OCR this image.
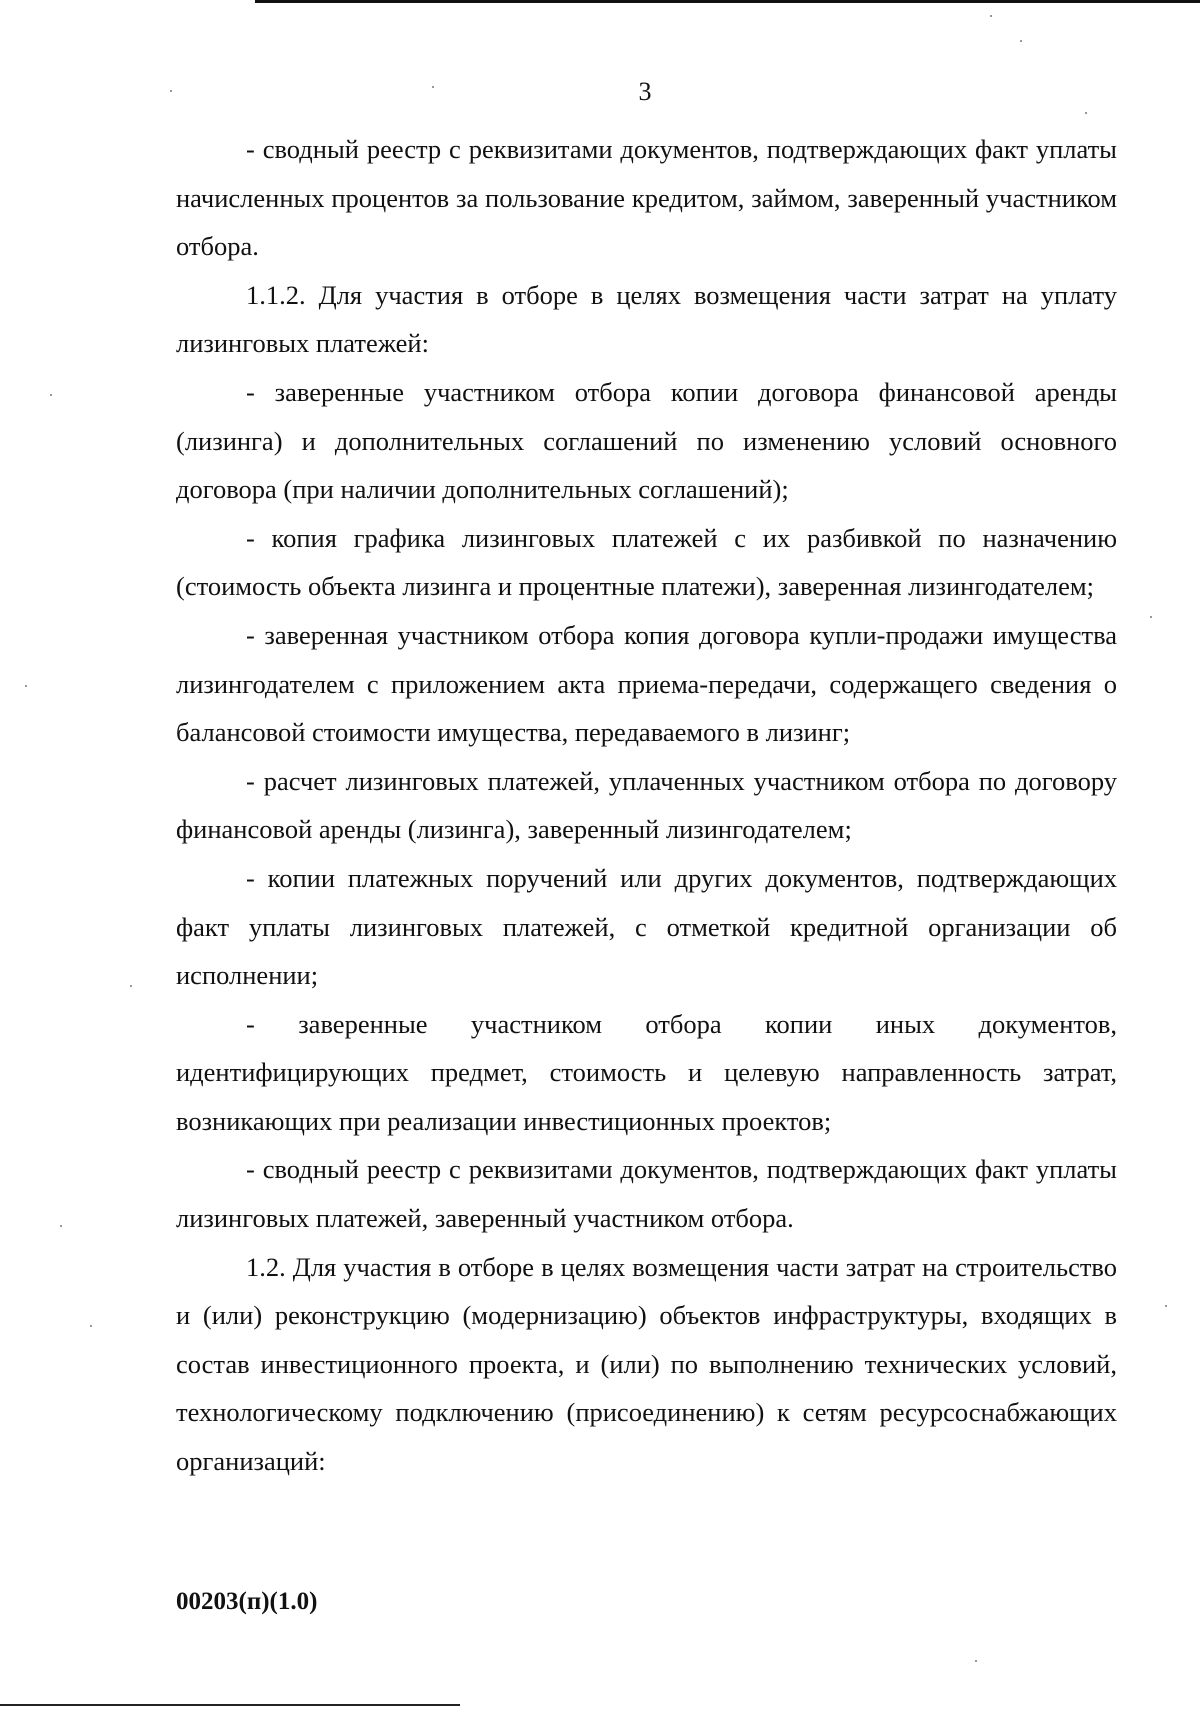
3

- сводный реестр с реквизитами документов, подтверждающих факт уплаты начисленных процентов за пользование кредитом, займом, заверенный участником отбора.

1.1.2. Для участия в отборе в целях возмещения части затрат на уплату лизинговых платежей:

- заверенные участником отбора копии договора финансовой аренды (лизинга) и дополнительных соглашений по изменению условий основного договора (при наличии дополнительных соглашений);

- копия графика лизинговых платежей с их разбивкой по назначению (стоимость объекта лизинга и процентные платежи), заверенная лизингодателем;

- заверенная участником отбора копия договора купли-продажи имущества лизингодателем с приложением акта приема-передачи, содержащего сведения о балансовой стоимости имущества, передаваемого в лизинг;

- расчет лизинговых платежей, уплаченных участником отбора по договору финансовой аренды (лизинга), заверенный лизингодателем;

- копии платежных поручений или других документов, подтверждающих факт уплаты лизинговых платежей, с отметкой кредитной организации об исполнении;

- заверенные участником отбора копии иных документов, идентифицирующих предмет, стоимость и целевую направленность затрат, возникающих при реализации инвестиционных проектов;

- сводный реестр с реквизитами документов, подтверждающих факт уплаты лизинговых платежей, заверенный участником отбора.

1.2. Для участия в отборе в целях возмещения части затрат на строительство и (или) реконструкцию (модернизацию) объектов инфраструктуры, входящих в состав инвестиционного проекта, и (или) по выполнению технических условий, технологическому подключению (присоединению) к сетям ресурсоснабжающих организаций:

00203(п)(1.0)
